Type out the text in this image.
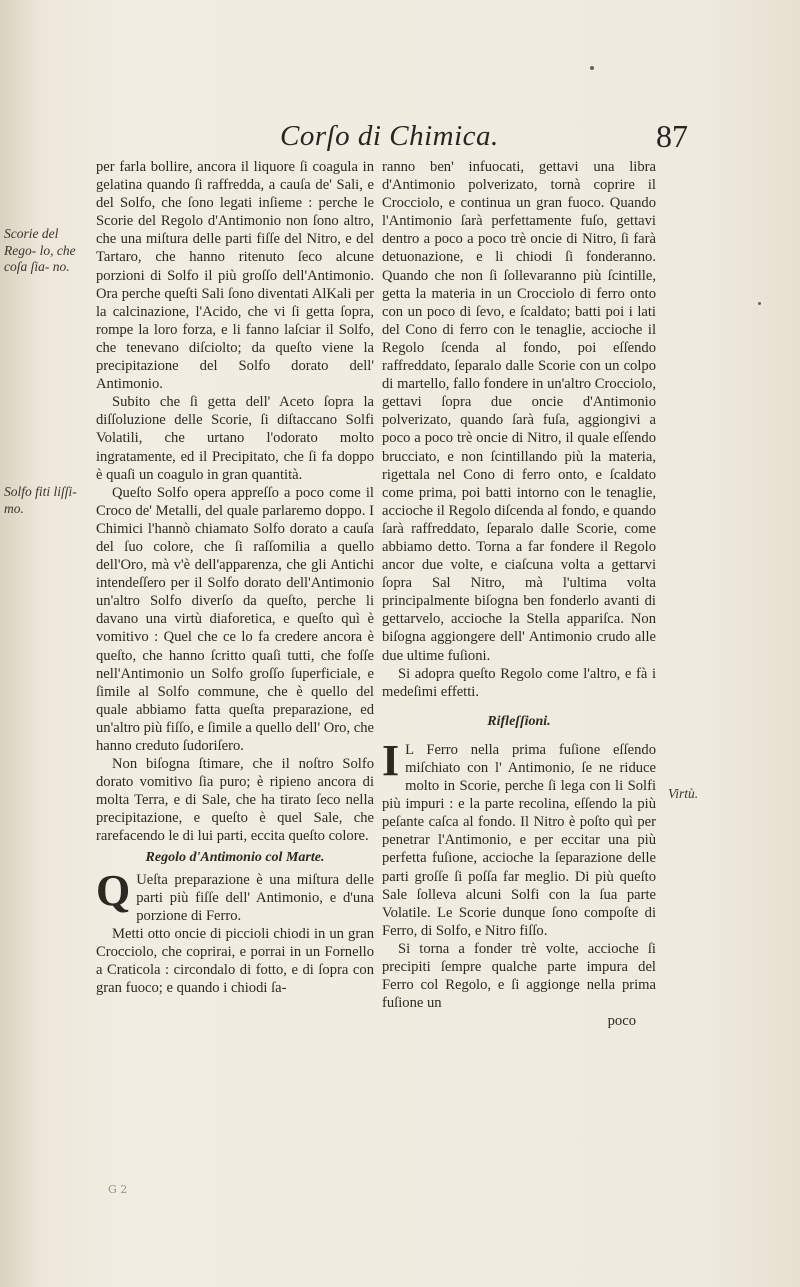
Corſo di Chimica.	87
Scorie del Rego‑ lo, che coſa ſia‑ no.
Solfo fiti liſſi‑ mo.
Virtù.

per farla bollire, ancora il liquore ſi coagula in gelatina quando ſi raffredda, a cauſa de' Sali, e del Solfo, che ſono legati inſieme : perche le Scorie del Regolo d'Antimonio non ſono altro, che una miſtura delle parti fiſſe del Nitro, e del Tartaro, che hanno ritenuto ſeco alcune porzioni di Solfo il più groſſo dell'Antimonio. Ora perche queſti Sali ſono diventati AlKali per la calcinazione, l'Acido, che vi ſi getta ſopra, rompe la loro forza, e li fanno laſciar il Solfo, che tenevano diſciolto; da queſto viene la precipitazione del Solfo dorato dell' Antimonio.

Subito che ſi getta dell' Aceto ſopra la diſſoluzione delle Scorie, ſi diſtaccano Solfi Volatili, che urtano l'odorato molto ingratamente, ed il Precipitato, che ſi fa doppo è quaſi un coagulo in gran quantità.

Queſto Solfo opera appreſſo a poco come il Croco de' Metalli, del quale parlaremo doppo. I Chimici l'hannò chiamato Solfo dorato a cauſa del ſuo colore, che ſi raſſomilia a quello dell'Oro, mà v'è dell'apparenza, che gli Antichi intendeſſero per il Solfo dorato dell'Antimonio un'altro Solfo diverſo da queſto, perche li davano una virtù diaforetica, e queſto quì è vomitivo : Quel che ce lo fa credere ancora è queſto, che hanno ſcritto quaſi tutti, che foſſe nell'Antimonio un Solfo groſſo ſuperficiale, e ſimile al Solfo commune, che è quello del quale abbiamo fatta queſta preparazione, ed un'altro più fiſſo, e ſimile a quello dell' Oro, che hanno creduto ſudoriſero.

Non biſogna ſtimare, che il noſtro Solfo dorato vomitivo ſia puro; è ripieno ancora di molta Terra, e di Sale, che ha tirato ſeco nella precipitazione, e queſto è quel Sale, che rarefacendo le di lui parti, eccita queſto colore.

Regolo d'Antimonio col Marte.

Q Ueſta preparazione è una miſtura delle parti più fiſſe dell' Antimonio, e d'una porzione di Ferro.

Metti otto oncie di piccioli chiodi in un gran Crocciolo, che coprirai, e porrai in un Fornello a Craticola : circondalo di fotto, e di ſopra con gran fuoco; e quando i chiodi ſa‑

ranno ben' infuocati, gettavi una libra d'Antimonio polverizato, tornà coprire il Crocciolo, e continua un gran fuoco. Quando l'Antimonio ſarà perfettamente fuſo, gettavi dentro a poco a poco trè oncie di Nitro, ſi farà detuonazione, e li chiodi ſi fonderanno. Quando che non ſi ſollevaranno più ſcintille, getta la materia in un Crocciolo di ferro onto con un poco di ſevo, e ſcaldato; batti poi i lati del Cono di ferro con le tenaglie, accioche il Regolo ſcenda al fondo, poi eſſendo raffreddato, ſeparalo dalle Scorie con un colpo di martello, fallo fondere in un'altro Crocciolo, gettavi ſopra due oncie d'Antimonio polverizato, quando ſarà fuſa, aggiongivi a poco a poco trè oncie di Nitro, il quale eſſendo brucciato, e non ſcintillando più la materia, rigettala nel Cono di ferro onto, e ſcaldato come prima, poi batti intorno con le tenaglie, accioche il Regolo diſcenda al fondo, e quando ſarà raffreddato, ſeparalo dalle Scorie, come abbiamo detto. Torna a far fondere il Regolo ancor due volte, e ciaſcuna volta a gettarvi ſopra Sal Nitro, mà l'ultima volta principalmente biſogna ben fonderlo avanti di gettarvelo, accioche la Stella appariſca. Non biſogna aggiongere dell' Antimonio crudo alle due ultime fuſioni.

Si adopra queſto Regolo come l'altro, e fà i medeſimi effetti.

Rifleſſioni.

I L Ferro nella prima fuſione eſſendo miſchiato con l' Antimonio, ſe ne riduce molto in Scorie, perche ſi lega con li Solfi più impuri : e la parte recolina, eſſendo la più peſante caſca al fondo. Il Nitro è poſto quì per penetrar l'Antimonio, e per eccitar una più perfetta fuſione, accioche la ſeparazione delle parti groſſe ſi poſſa far meglio. Di più queſto Sale ſolleva alcuni Solfi con la ſua parte Volatile. Le Scorie dunque ſono compoſte di Ferro, di Solfo, e Nitro fiſſo.

Si torna a fonder trè volte, accioche ſi precipiti ſempre qualche parte impura del Ferro col Regolo, e ſi aggionge nella prima fuſione un

poco

G 2
